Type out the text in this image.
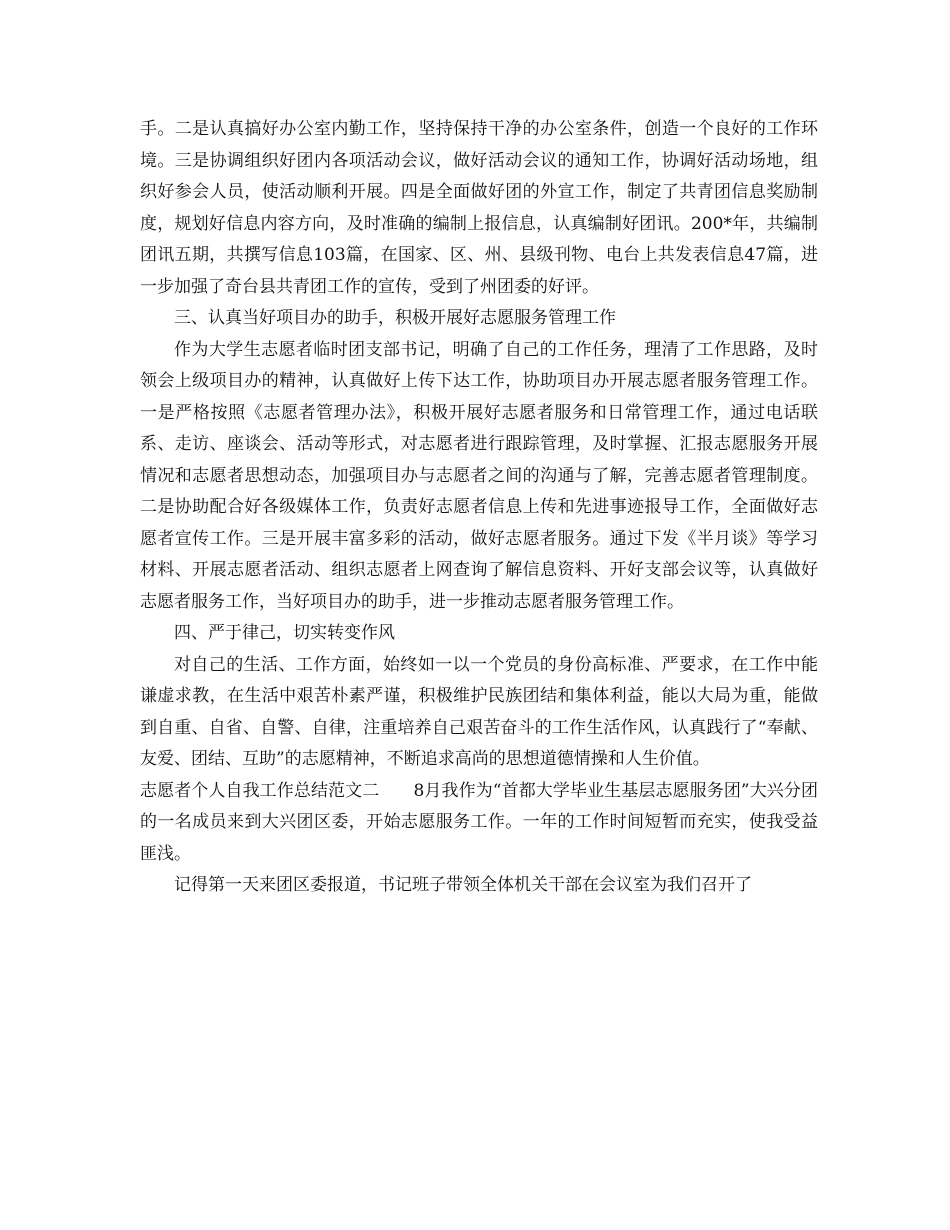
手。二是认真搞好办公室内勤工作，坚持保持干净的办公室条件，创造一个良好的工作环境。三是协调组织好团内各项活动会议，做好活动会议的通知工作，协调好活动场地，组织好参会人员，使活动顺利开展。四是全面做好团的外宣工作，制定了共青团信息奖励制度，规划好信息内容方向，及时准确的编制上报信息，认真编制好团讯。200*年，共编制团讯五期，共撰写信息103篇，在国家、区、州、县级刊物、电台上共发表信息47篇，进一步加强了奇台县共青团工作的宣传，受到了州团委的好评。

三、认真当好项目办的助手，积极开展好志愿服务管理工作

作为大学生志愿者临时团支部书记，明确了自己的工作任务，理清了工作思路，及时领会上级项目办的精神，认真做好上传下达工作，协助项目办开展志愿者服务管理工作。一是严格按照《志愿者管理办法》，积极开展好志愿者服务和日常管理工作，通过电话联系、走访、座谈会、活动等形式，对志愿者进行跟踪管理，及时掌握、汇报志愿服务开展情况和志愿者思想动态，加强项目办与志愿者之间的沟通与了解，完善志愿者管理制度。二是协助配合好各级媒体工作，负责好志愿者信息上传和先进事迹报导工作，全面做好志愿者宣传工作。三是开展丰富多彩的活动，做好志愿者服务。通过下发《半月谈》等学习材料、开展志愿者活动、组织志愿者上网查询了解信息资料、开好支部会议等，认真做好志愿者服务工作，当好项目办的助手，进一步推动志愿者服务管理工作。

四、严于律己，切实转变作风

对自己的生活、工作方面，始终如一以一个党员的身份高标准、严要求，在工作中能谦虚求教，在生活中艰苦朴素严谨，积极维护民族团结和集体利益，能以大局为重，能做到自重、自省、自警、自律，注重培养自己艰苦奋斗的工作生活作风，认真践行了“奉献、友爱、团结、互助”的志愿精神，不断追求高尚的思想道德情操和人生价值。

志愿者个人自我工作总结范文二　　8月我作为“首都大学毕业生基层志愿服务团”大兴分团的一名成员来到大兴团区委，开始志愿服务工作。一年的工作时间短暂而充实，使我受益匪浅。

记得第一天来团区委报道，书记班子带领全体机关干部在会议室为我们召开了
